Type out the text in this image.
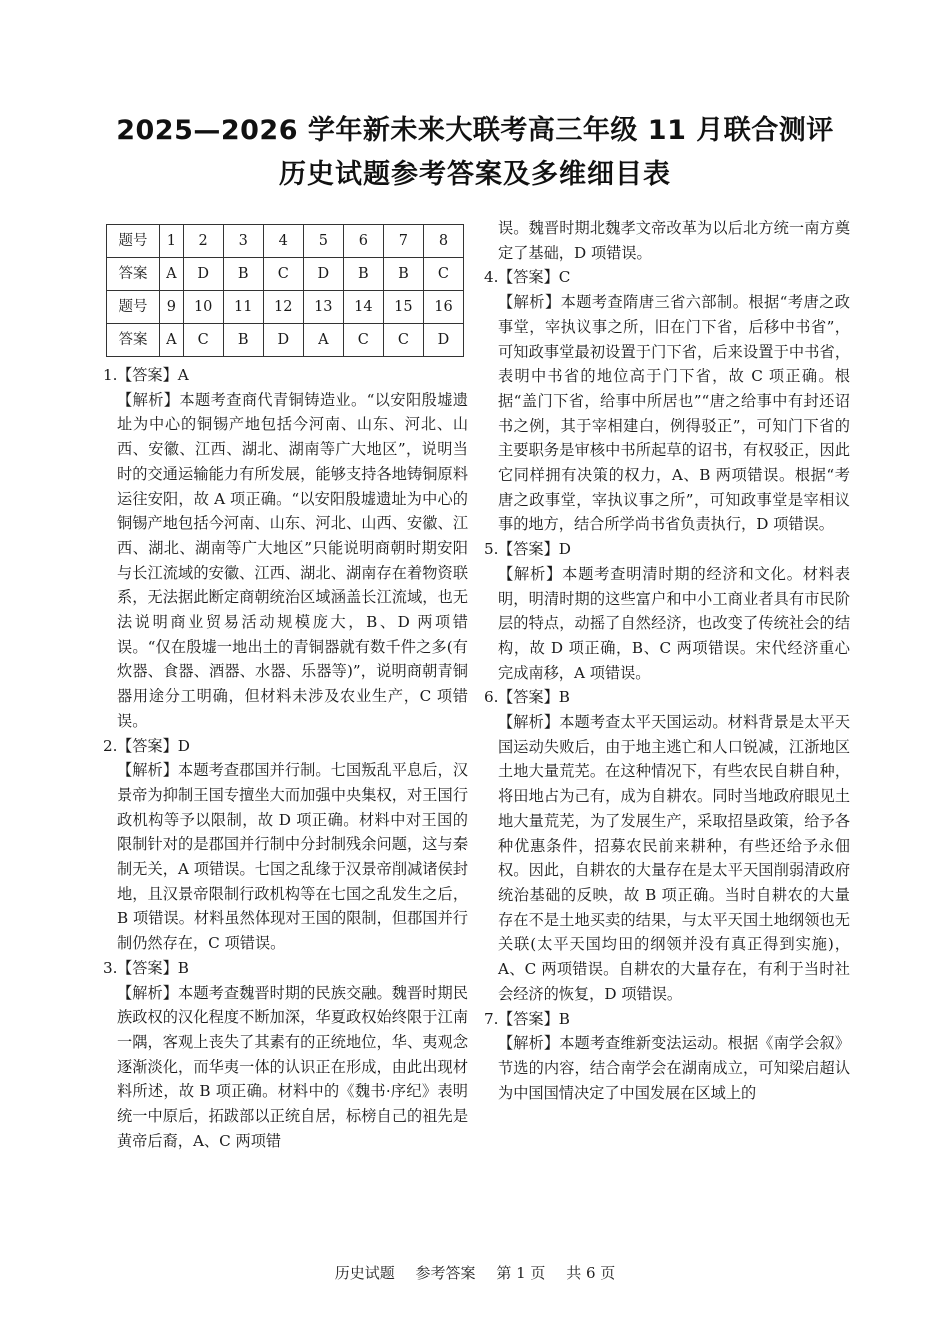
2025—2026 学年新未来大联考高三年级 11 月联合测评
历史试题参考答案及多维细目表
题号	1	2	3	4	5	6	7	8
答案	A	D	B	C	D	B	B	C
题号	9	10	11	12	13	14	15	16
答案	A	C	B	D	A	C	C	D
1.【答案】A

【解析】本题考查商代青铜铸造业。“以安阳殷墟遗址为中心的铜锡产地包括今河南、山东、河北、山西、安徽、江西、湖北、湖南等广大地区”，说明当时的交通运输能力有所发展，能够支持各地铸铜原料运往安阳，故 A 项正确。“以安阳殷墟遗址为中心的铜锡产地包括今河南、山东、河北、山西、安徽、江西、湖北、湖南等广大地区”只能说明商朝时期安阳与长江流域的安徽、江西、湖北、湖南存在着物资联系，无法据此断定商朝统治区域涵盖长江流域，也无法说明商业贸易活动规模庞大，B、D 两项错误。“仅在殷墟一地出土的青铜器就有数千件之多(有炊器、食器、酒器、水器、乐器等)”，说明商朝青铜器用途分工明确，但材料未涉及农业生产，C 项错误。

2.【答案】D

【解析】本题考查郡国并行制。七国叛乱平息后，汉景帝为抑制王国专擅坐大而加强中央集权，对王国行政机构等予以限制，故 D 项正确。材料中对王国的限制针对的是郡国并行制中分封制残余问题，这与秦制无关，A 项错误。七国之乱缘于汉景帝削减诸侯封地，且汉景帝限制行政机构等在七国之乱发生之后，B 项错误。材料虽然体现对王国的限制，但郡国并行制仍然存在，C 项错误。

3.【答案】B

【解析】本题考查魏晋时期的民族交融。魏晋时期民族政权的汉化程度不断加深，华夏政权始终限于江南一隅，客观上丧失了其素有的正统地位，华、夷观念逐渐淡化，而华夷一体的认识正在形成，由此出现材料所述，故 B 项正确。材料中的《魏书·序纪》表明统一中原后，拓跋部以正统自居，标榜自己的祖先是黄帝后裔，A、C 两项错

误。魏晋时期北魏孝文帝改革为以后北方统一南方奠定了基础，D 项错误。

4.【答案】C

【解析】本题考查隋唐三省六部制。根据“考唐之政事堂，宰执议事之所，旧在门下省，后移中书省”，可知政事堂最初设置于门下省，后来设置于中书省，表明中书省的地位高于门下省，故 C 项正确。根据“盖门下省，给事中所居也”“唐之给事中有封还诏书之例，其于宰相建白，例得驳正”，可知门下省的主要职务是审核中书所起草的诏书，有权驳正，因此它同样拥有决策的权力，A、B 两项错误。根据“考唐之政事堂，宰执议事之所”，可知政事堂是宰相议事的地方，结合所学尚书省负责执行，D 项错误。

5.【答案】D

【解析】本题考查明清时期的经济和文化。材料表明，明清时期的这些富户和中小工商业者具有市民阶层的特点，动摇了自然经济，也改变了传统社会的结构，故 D 项正确，B、C 两项错误。宋代经济重心完成南移，A 项错误。

6.【答案】B

【解析】本题考查太平天国运动。材料背景是太平天国运动失败后，由于地主逃亡和人口锐减，江浙地区土地大量荒芜。在这种情况下，有些农民自耕自种，将田地占为己有，成为自耕农。同时当地政府眼见土地大量荒芜，为了发展生产，采取招垦政策，给予各种优惠条件，招募农民前来耕种，有些还给予永佃权。因此，自耕农的大量存在是太平天国削弱清政府统治基础的反映，故 B 项正确。当时自耕农的大量存在不是土地买卖的结果，与太平天国土地纲领也无关联(太平天国均田的纲领并没有真正得到实施)，A、C 两项错误。自耕农的大量存在，有利于当时社会经济的恢复，D 项错误。

7.【答案】B

【解析】本题考查维新变法运动。根据《南学会叙》节选的内容，结合南学会在湖南成立，可知梁启超认为中国国情决定了中国发展在区域上的

历史试题 参考答案 第 1 页 共 6 页
